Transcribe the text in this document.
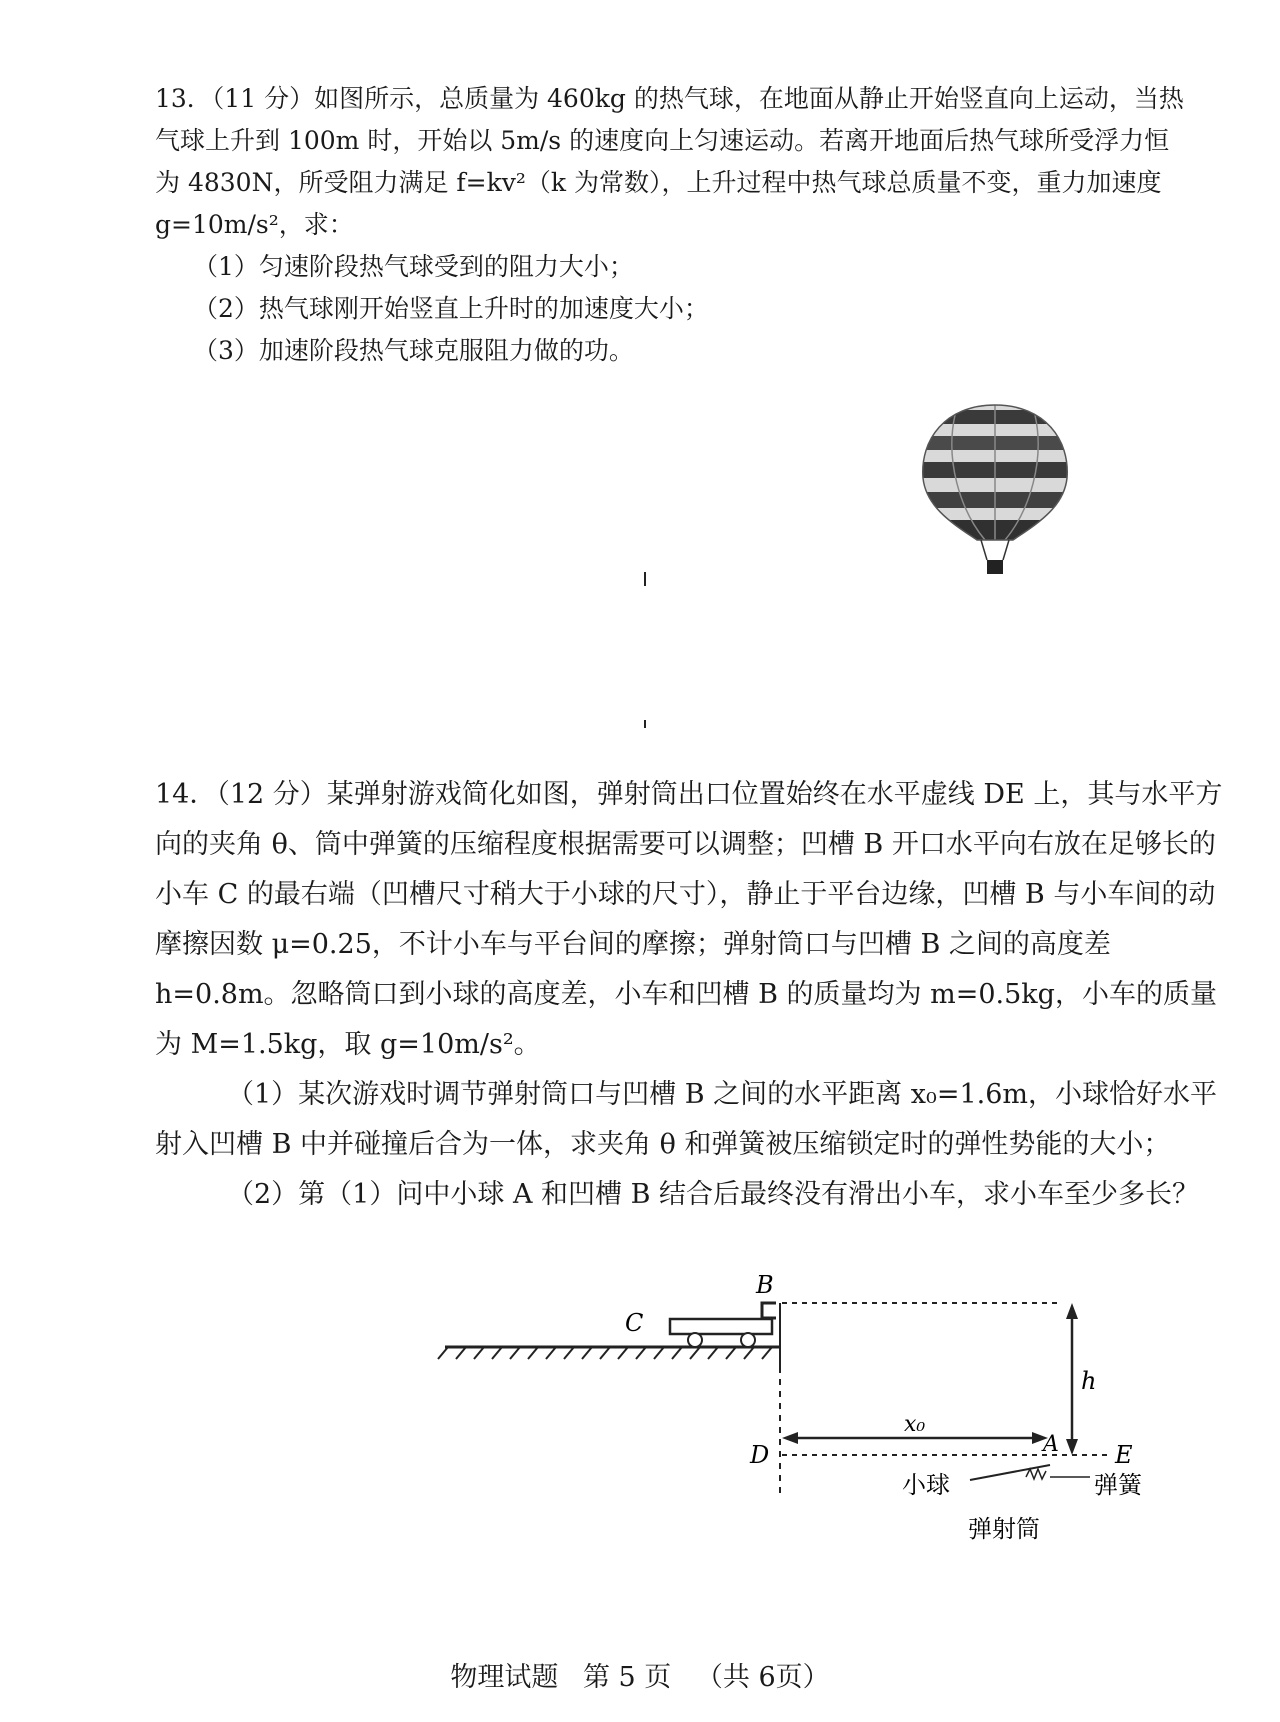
13．（11 分）如图所示，总质量为 460kg 的热气球，在地面从静止开始竖直向上运动，当热气球上升到 100m 时，开始以 5m/s 的速度向上匀速运动。若离开地面后热气球所受浮力恒为 4830N，所受阻力满足 f=kv²（k 为常数），上升过程中热气球总质量不变，重力加速度 g=10m/s²，求：

（1）匀速阶段热气球受到的阻力大小；

（2）热气球刚开始竖直上升时的加速度大小；

（3）加速阶段热气球克服阻力做的功。

14．（12 分）某弹射游戏简化如图，弹射筒出口位置始终在水平虚线 DE 上，其与水平方向的夹角 θ、筒中弹簧的压缩程度根据需要可以调整；凹槽 B 开口水平向右放在足够长的小车 C 的最右端（凹槽尺寸稍大于小球的尺寸），静止于平台边缘，凹槽 B 与小车间的动摩擦因数 μ=0.25，不计小车与平台间的摩擦；弹射筒口与凹槽 B 之间的高度差 h=0.8m。忽略筒口到小球的高度差，小车和凹槽 B 的质量均为 m=0.5kg，小车的质量为 M=1.5kg，取 g=10m/s²。

（1）某次游戏时调节弹射筒口与凹槽 B 之间的水平距离 x₀=1.6m，小球恰好水平射入凹槽 B 中并碰撞后合为一体，求夹角 θ 和弹簧被压缩锁定时的弹性势能的大小；

（2）第（1）问中小球 A 和凹槽 B 结合后最终没有滑出小车，求小车至少多长？

B
C
h
x₀
A
D	E
小球	弹簧
弹射筒
物理试题 第 5 页 （共 6页）
